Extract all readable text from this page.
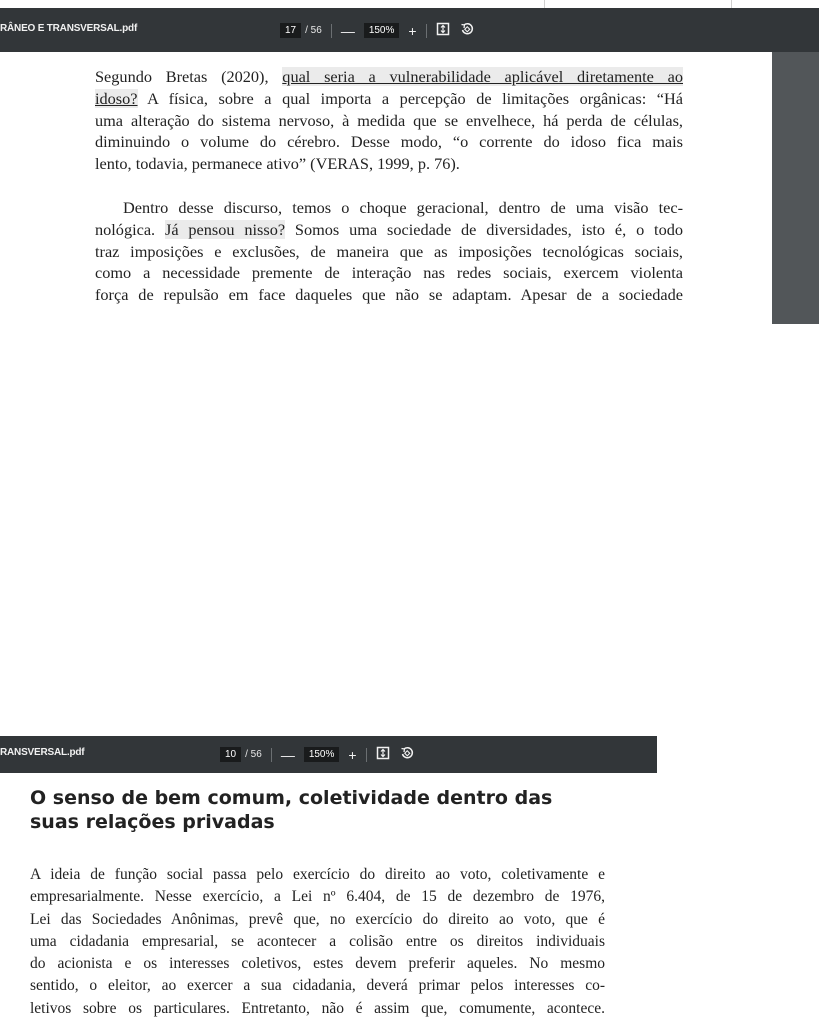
RÂNEO E TRANSVERSAL.pdf	17 / 56 —	150%	+

Segundo Bretas (2020), qual seria a vulnerabilidade aplicável diretamente ao
idoso? A física, sobre a qual importa a percepção de limitações orgânicas: “Há
uma alteração do sistema nervoso, à medida que se envelhece, há perda de células,
diminuindo o volume do cérebro. Desse modo, “o corrente do idoso fica mais
lento, todavia, permanece ativo” (VERAS, 1999, p. 76).

Dentro desse discurso, temos o choque geracional, dentro de uma visão tec-
nológica. Já pensou nisso? Somos uma sociedade de diversidades, isto é, o todo
traz imposições e exclusões, de maneira que as imposições tecnológicas sociais,
como a necessidade premente de interação nas redes sociais, exercem violenta
força de repulsão em face daqueles que não se adaptam. Apesar de a sociedade

RANSVERSAL.pdf	10 / 56 —	150%	+
O senso de bem comum, coletividade dentro das suas relações privadas

A ideia de função social passa pelo exercício do direito ao voto, coletivamente e
empresarialmente. Nesse exercício, a Lei nº 6.404, de 15 de dezembro de 1976,
Lei das Sociedades Anônimas, prevê que, no exercício do direito ao voto, que é
uma cidadania empresarial, se acontecer a colisão entre os direitos individuais
do acionista e os interesses coletivos, estes devem preferir aqueles. No mesmo
sentido, o eleitor, ao exercer a sua cidadania, deverá primar pelos interesses co-
letivos sobre os particulares. Entretanto, não é assim que, comumente, acontece.
